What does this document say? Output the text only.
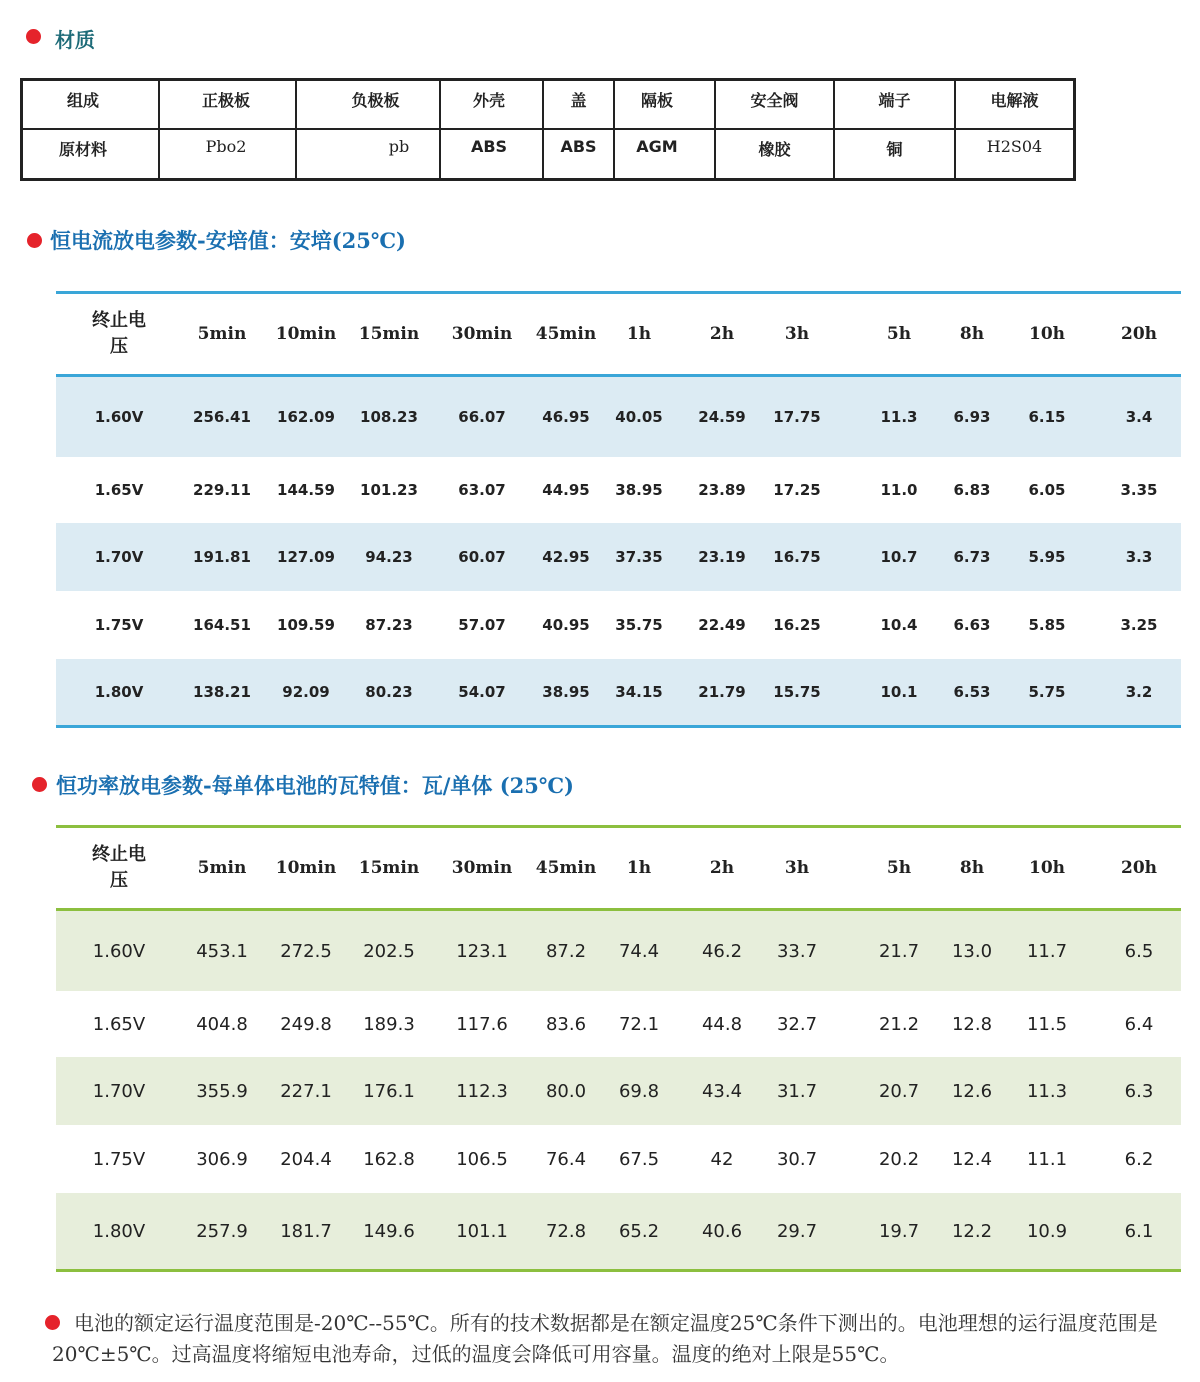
材质
组成	正极板	负极板	外壳	盖	隔板	安全阀	端子	电解液
原材料	Pbo2	pb	ABS	ABS	AGM	橡胶	铜	H2S04
恒电流放电参数-安培值：安培(25℃)
终止电压
5min	10min	15min	30min	45min	1h	2h	3h	5h	8h	10h	20h
1.60V	256.41	162.09	108.23	66.07	46.95	40.05	24.59	17.75	11.3	6.93	6.15	3.4
1.65V	229.11	144.59	101.23	63.07	44.95	38.95	23.89	17.25	11.0	6.83	6.05	3.35
1.70V	191.81	127.09	94.23	60.07	42.95	37.35	23.19	16.75	10.7	6.73	5.95	3.3
1.75V	164.51	109.59	87.23	57.07	40.95	35.75	22.49	16.25	10.4	6.63	5.85	3.25
1.80V	138.21	92.09	80.23	54.07	38.95	34.15	21.79	15.75	10.1	6.53	5.75	3.2
恒功率放电参数-每单体电池的瓦特值：瓦/单体 (25℃)
终止电压
5min	10min	15min	30min	45min	1h	2h	3h	5h	8h	10h	20h
1.60V	453.1	272.5	202.5	123.1	87.2	74.4	46.2	33.7	21.7	13.0	11.7	6.5
1.65V	404.8	249.8	189.3	117.6	83.6	72.1	44.8	32.7	21.2	12.8	11.5	6.4
1.70V	355.9	227.1	176.1	112.3	80.0	69.8	43.4	31.7	20.7	12.6	11.3	6.3
1.75V	306.9	204.4	162.8	106.5	76.4	67.5	42	30.7	20.2	12.4	11.1	6.2
1.80V	257.9	181.7	149.6	101.1	72.8	65.2	40.6	29.7	19.7	12.2	10.9	6.1
电池的额定运行温度范围是-20℃--55℃。所有的技术数据都是在额定温度25℃条件下测出的。电池理想的运行温度范围是20℃±5℃。过高温度将缩短电池寿命，过低的温度会降低可用容量。温度的绝对上限是55℃。
